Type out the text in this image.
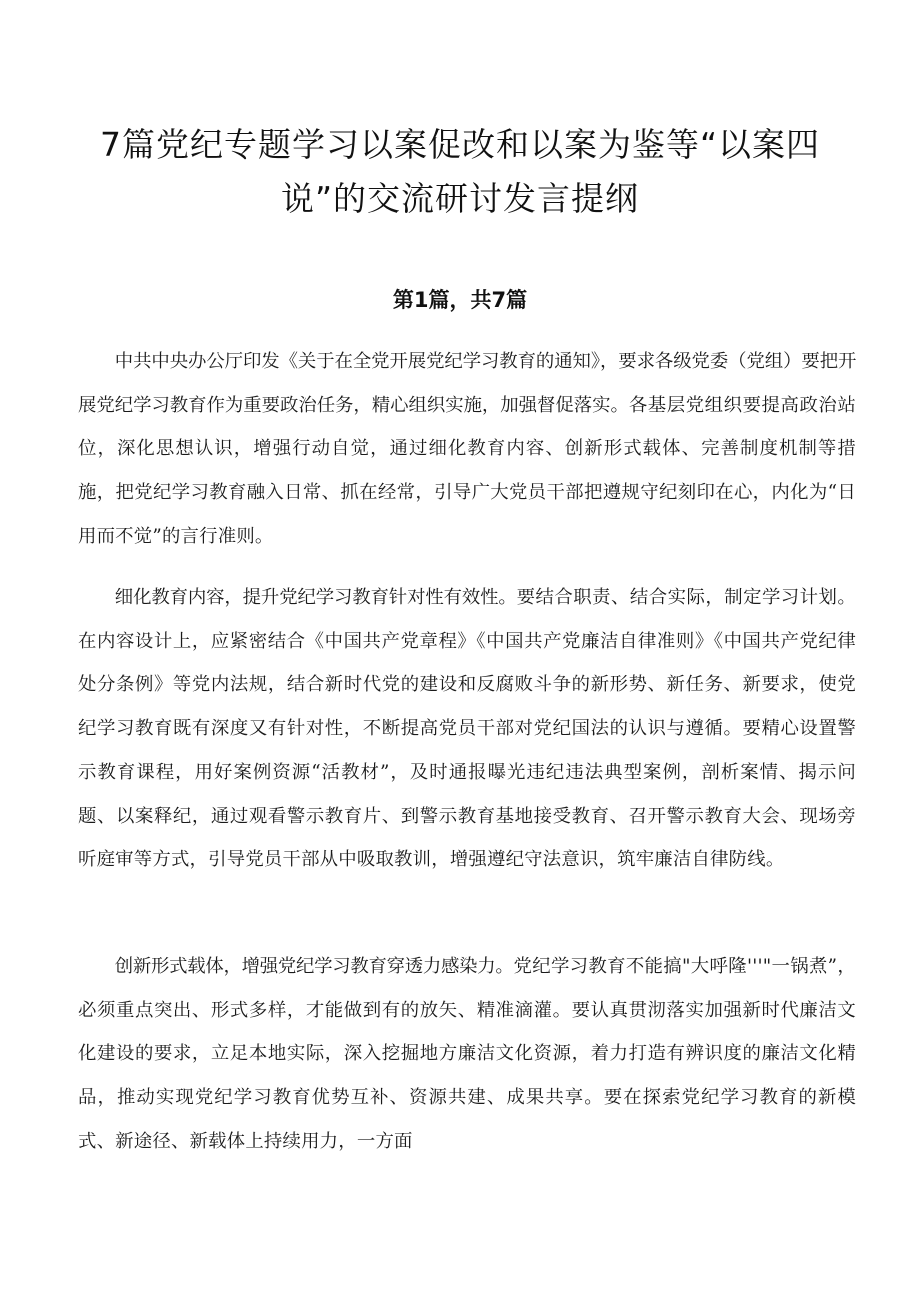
7篇党纪专题学习以案促改和以案为鉴等“以案四说”的交流研讨发言提纲
第1篇，共7篇

中共中央办公厅印发《关于在全党开展党纪学习教育的通知》，要求各级党委（党组）要把开展党纪学习教育作为重要政治任务，精心组织实施，加强督促落实。各基层党组织要提高政治站位，深化思想认识，增强行动自觉，通过细化教育内容、创新形式载体、完善制度机制等措施，把党纪学习教育融入日常、抓在经常，引导广大党员干部把遵规守纪刻印在心，内化为“日用而不觉”的言行准则。

细化教育内容，提升党纪学习教育针对性有效性。要结合职责、结合实际，制定学习计划。在内容设计上，应紧密结合《中国共产党章程》《中国共产党廉洁自律准则》《中国共产党纪律处分条例》等党内法规，结合新时代党的建设和反腐败斗争的新形势、新任务、新要求，使党纪学习教育既有深度又有针对性，不断提高党员干部对党纪国法的认识与遵循。要精心设置警示教育课程，用好案例资源“活教材”，及时通报曝光违纪违法典型案例，剖析案情、揭示问题、以案释纪，通过观看警示教育片、到警示教育基地接受教育、召开警示教育大会、现场旁听庭审等方式，引导党员干部从中吸取教训，增强遵纪守法意识，筑牢廉洁自律防线。

创新形式载体，增强党纪学习教育穿透力感染力。党纪学习教育不能搞"大呼隆'''"一锅煮”，必须重点突出、形式多样，才能做到有的放矢、精准滴灌。要认真贯沏落实加强新时代廉洁文化建设的要求，立足本地实际，深入挖掘地方廉洁文化资源，着力打造有辨识度的廉洁文化精品，推动实现党纪学习教育优势互补、资源共建、成果共享。要在探索党纪学习教育的新模式、新途径、新载体上持续用力，一方面
